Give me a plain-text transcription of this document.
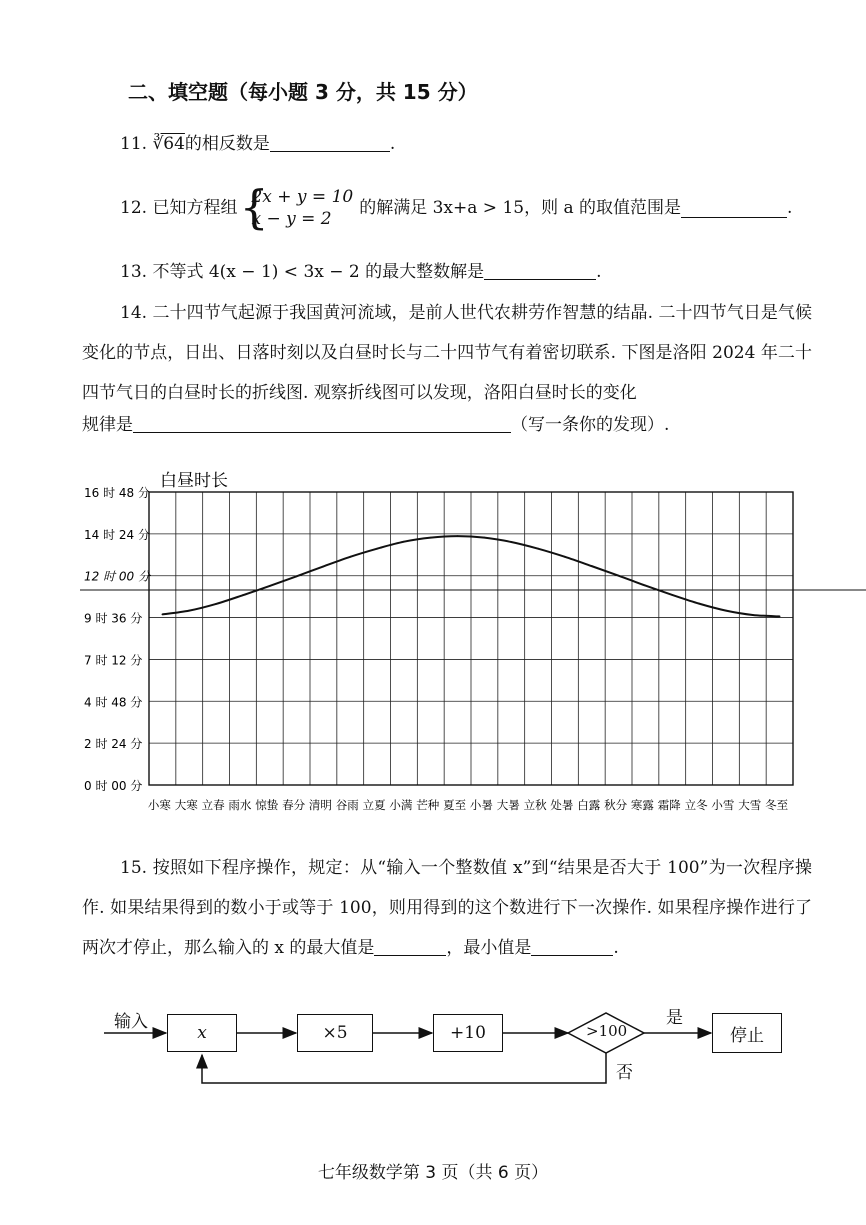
二、填空题（每小题 3 分，共 15 分）
11. ∛64的相反数是	.
12. 已知方程组 {
2x + y = 10
x − y = 2
的解满足 3x+a > 15，则 a 的取值范围是	.
13. 不等式 4(x − 1) < 3x − 2 的最大整数解是	.
14. 二十四节气起源于我国黄河流域，是前人世代农耕劳作智慧的结晶. 二十四节气日是气候变化的节点，日出、日落时刻以及白昼时长与二十四节气有着密切联系. 下图是洛阳 2024 年二十四节气日的白昼时长的折线图. 观察折线图可以发现，洛阳白昼时长的变化
规律是	（写一条你的发现）.
白昼时长
0 时 00 分
2 时 24 分
4 时 48 分
7 时 12 分
9 时 36 分
12 时 00 分
14 时 24 分
16 时 48 分
小寒 大寒 立春 雨水 惊蛰 春分 清明 谷雨 立夏 小满 芒种 夏至 小暑 大暑 立秋 处暑 白露 秋分 寒露 霜降 立冬 小雪 大雪 冬至
15. 按照如下程序操作，规定：从“输入一个整数值 x”到“结果是否大于 100”为一次程序操作. 如果结果得到的数小于或等于 100，则用得到的这个数进行下一次操作. 如果程序操作进行了两次才停止，那么输入的 x 的最大值是	，最小值是	.
输入
x	×5	+10	>100
是
否
停止
七年级数学第 3 页（共 6 页）
